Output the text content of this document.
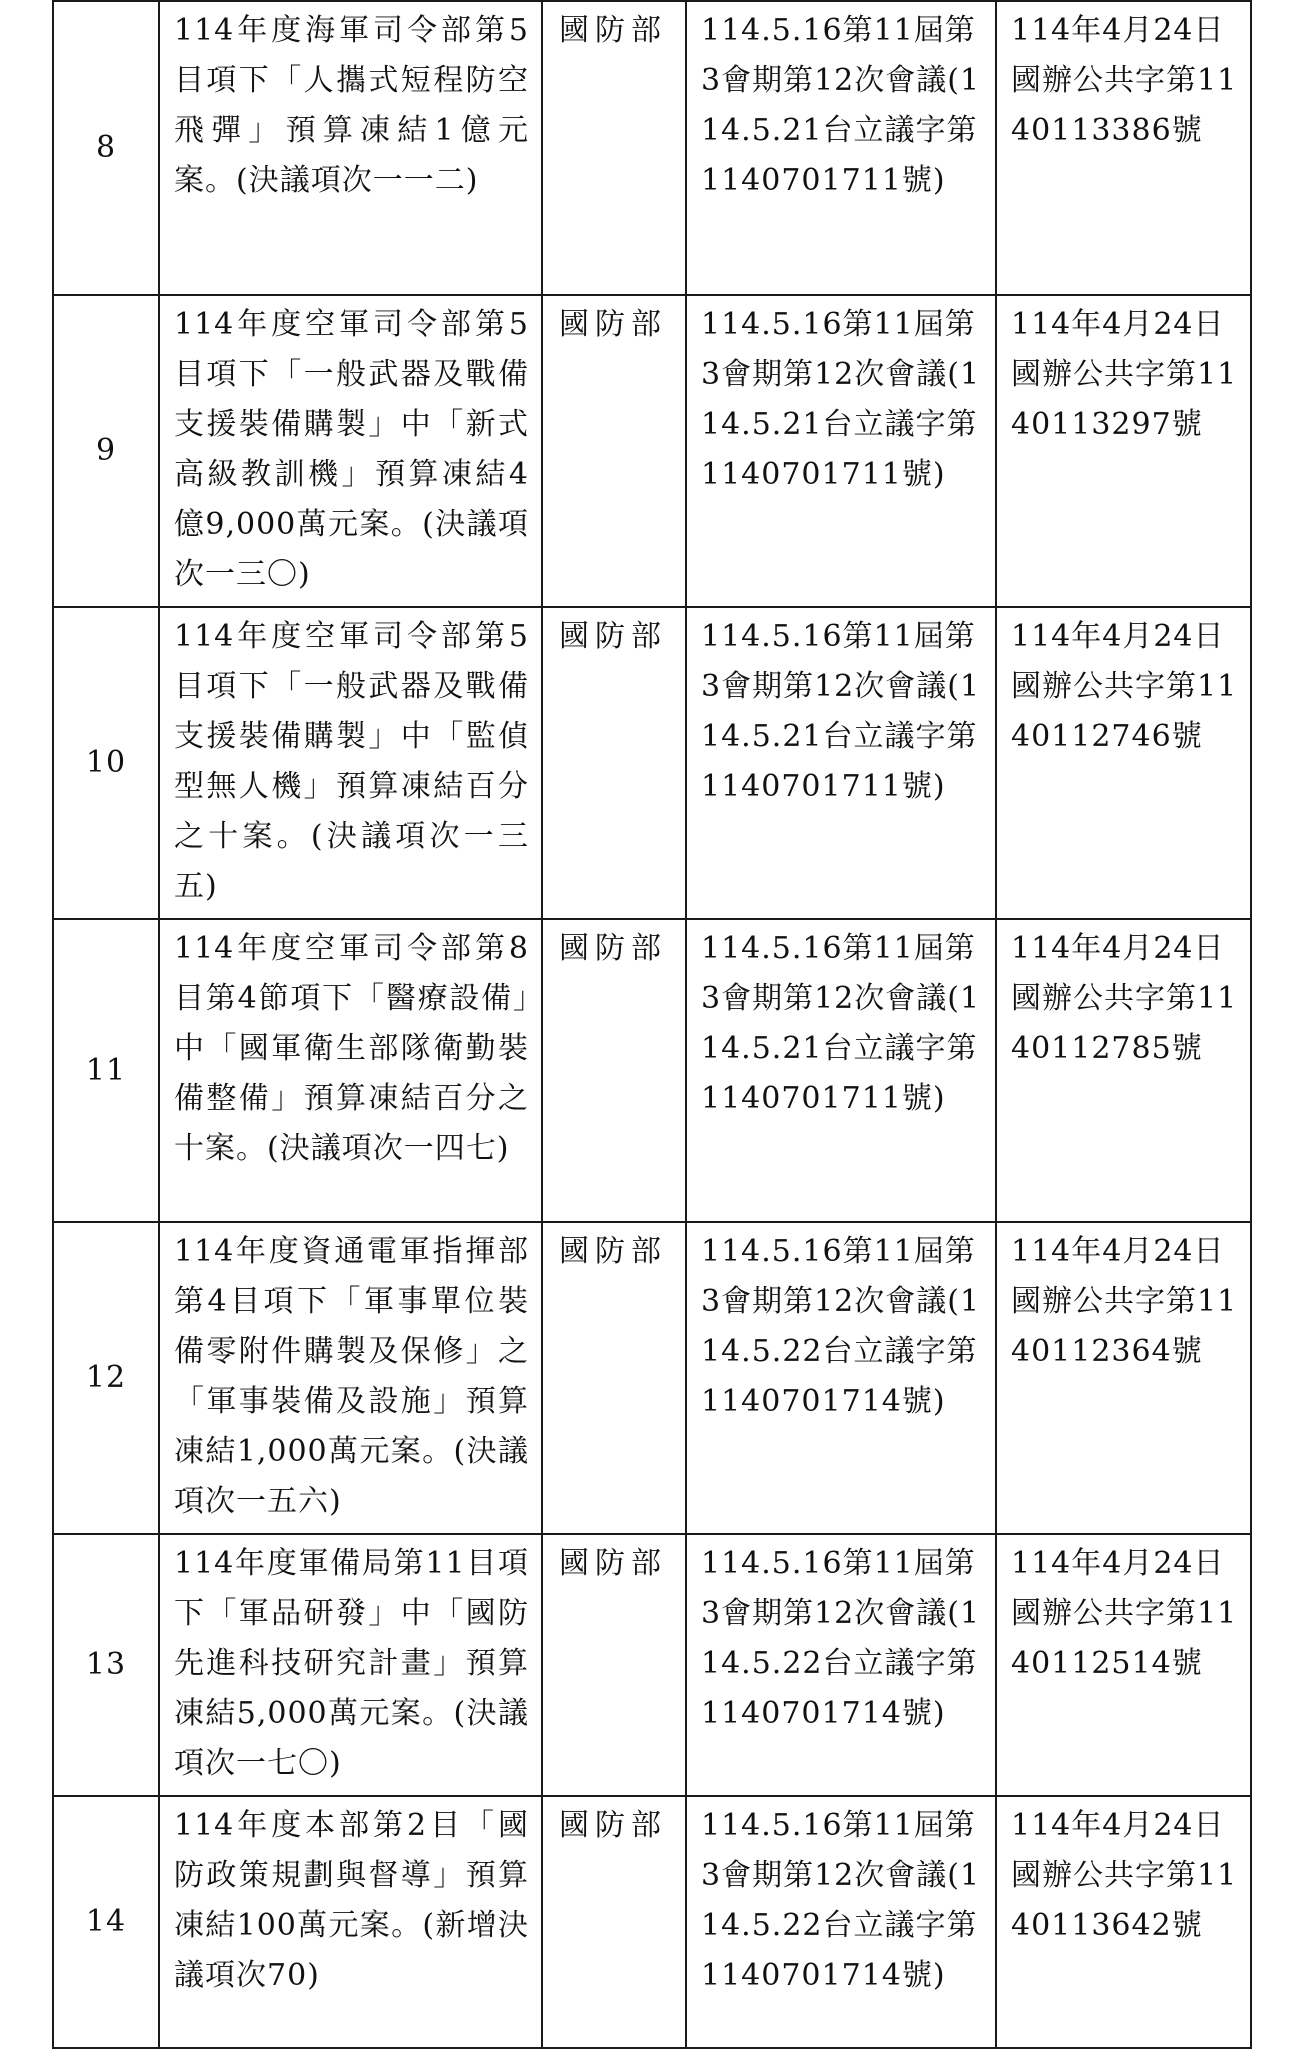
8	114年度海軍司令部第5目項下「人攜式短程防空飛彈」預算凍結1億元案。(決議項次一一二)	國防部	114.5.16第11屆第3會期第12次會議(114.5.21台立議字第1140701711號)	114年4月24日國辦公共字第1140113386號
9	114年度空軍司令部第5目項下「一般武器及戰備支援裝備購製」中「新式高級教訓機」預算凍結4億9,000萬元案。(決議項次一三〇)	國防部	114.5.16第11屆第3會期第12次會議(114.5.21台立議字第1140701711號)	114年4月24日國辦公共字第1140113297號
10	114年度空軍司令部第5目項下「一般武器及戰備支援裝備購製」中「監偵型無人機」預算凍結百分之十案。(決議項次一三五)	國防部	114.5.16第11屆第3會期第12次會議(114.5.21台立議字第1140701711號)	114年4月24日國辦公共字第1140112746號
11	114年度空軍司令部第8目第4節項下「醫療設備」中「國軍衛生部隊衛勤裝備整備」預算凍結百分之十案。(決議項次一四七)	國防部	114.5.16第11屆第3會期第12次會議(114.5.21台立議字第1140701711號)	114年4月24日國辦公共字第1140112785號
12	114年度資通電軍指揮部第4目項下「軍事單位裝備零附件購製及保修」之「軍事裝備及設施」預算凍結1,000萬元案。(決議項次一五六)	國防部	114.5.16第11屆第3會期第12次會議(114.5.22台立議字第1140701714號)	114年4月24日國辦公共字第1140112364號
13	114年度軍備局第11目項下「軍品研發」中「國防先進科技研究計畫」預算凍結5,000萬元案。(決議項次一七〇)	國防部	114.5.16第11屆第3會期第12次會議(114.5.22台立議字第1140701714號)	114年4月24日國辦公共字第1140112514號
14	114年度本部第2目「國防政策規劃與督導」預算凍結100萬元案。(新增決議項次70)	國防部	114.5.16第11屆第3會期第12次會議(114.5.22台立議字第1140701714號)	114年4月24日國辦公共字第1140113642號
